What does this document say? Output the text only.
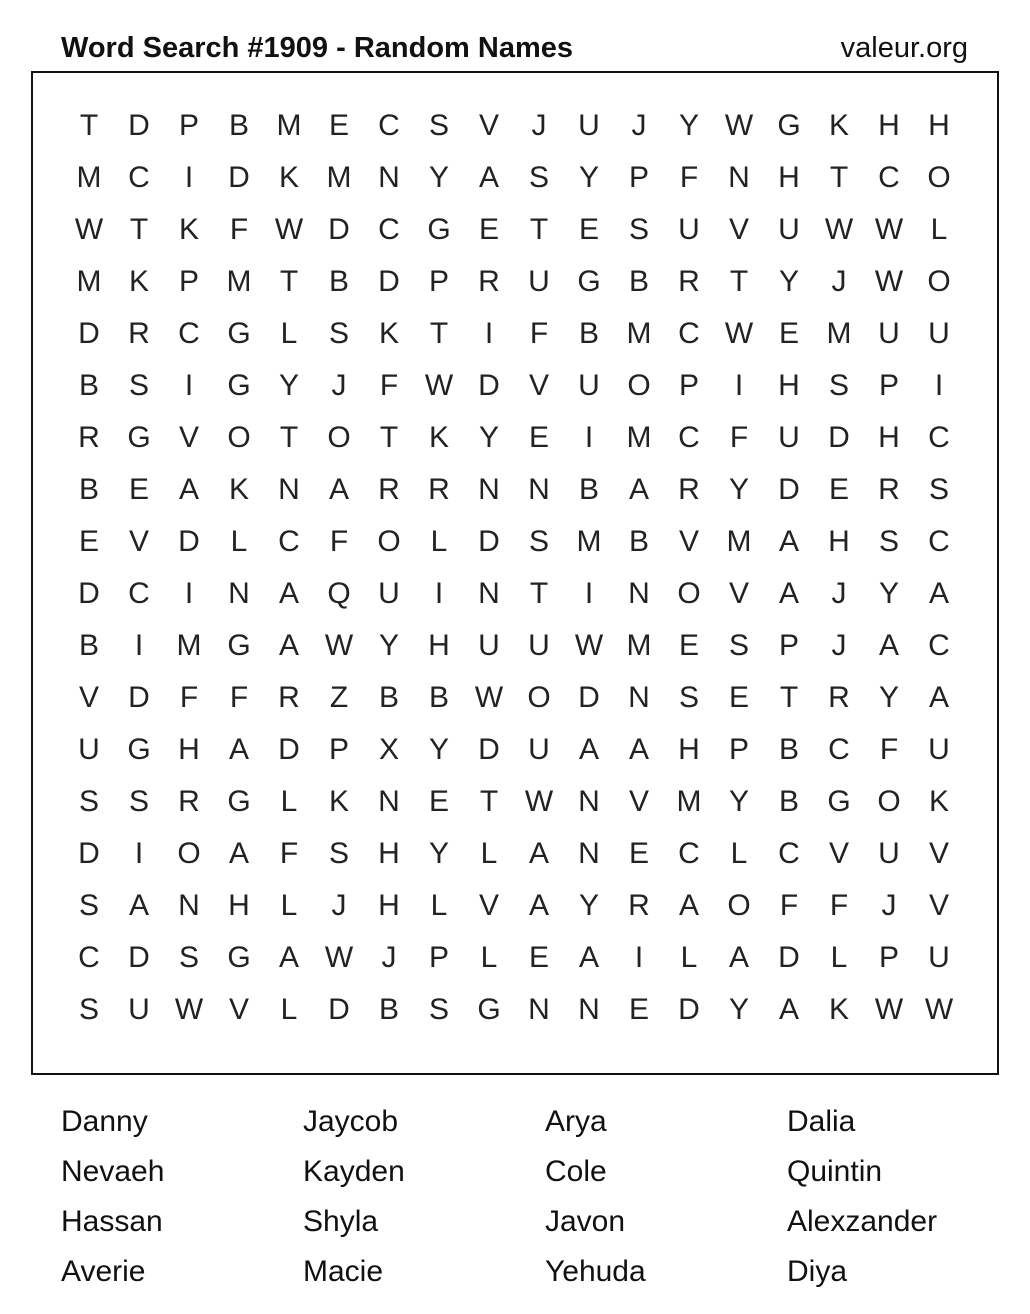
Word Search #1909 - Random Names	valeur.org
T	D P B M E C S V	J	U	J	Y W G K H H
M C	I	D K M N Y A S Y P	F	N H	T	C O
W T	K	F W D C G E	T	E S U V U W W L
M K P M T	B D P R U G B R	T	Y	J W O
D R C G L	S K	T	I	F	B M C W E M U U
B S	I	G Y	J	F W D V U O P	I	H S P	I
R G V O T O T	K Y E	I	M C	F	U D H C
B E A K N A R R N N B A R Y D E R S
E V D	L	C	F O L	D S M B V M A H S C
D C	I	N A Q U	I	N	T	I	N O V A	J	Y A
B	I	M G A W Y H U U W M E S P	J	A C
V D	F	F	R	Z	B B W O D N S E	T	R Y A
U G H A D P X Y D U A A H P B C	F	U
S S R G L	K N E	T W N V M Y B G O K
D	I	O A	F	S H Y	L	A N E C	L	C V U V
S A N H	L	J	H	L	V A Y R A O F	F	J	V
C D S G A W J	P	L	E A	I	L	A D	L	P U
S U W V	L	D B S G N N E D Y A K W W
Danny	Jaycob	Arya	Dalia
Nevaeh	Kayden	Cole	Quintin
Hassan	Shyla	Javon	Alexzander
Averie	Macie	Yehuda	Diya
